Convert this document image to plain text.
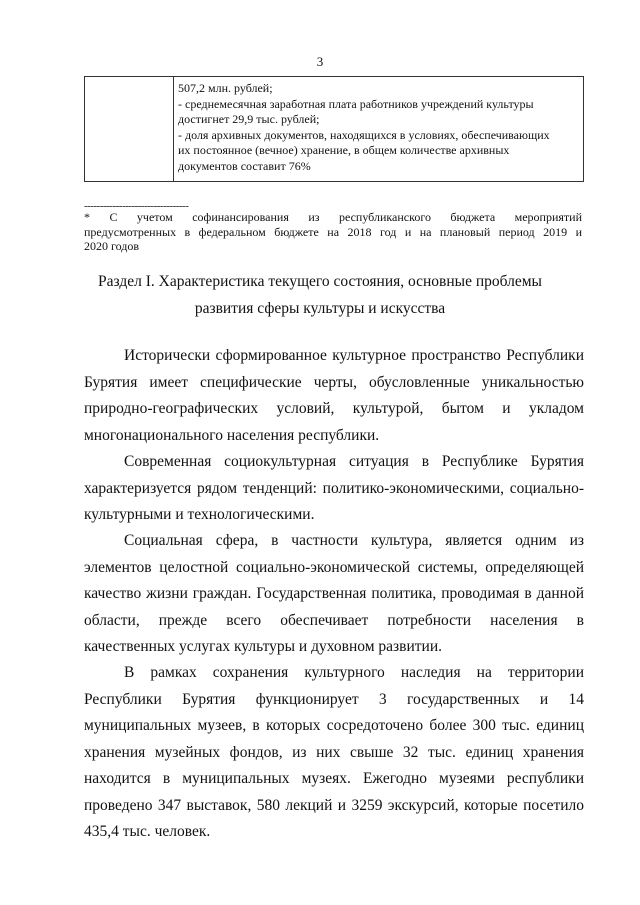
3
507,2 млн. рублей;
- среднемесячная заработная плата работников учреждений культуры
достигнет 29,9 тыс. рублей;
- доля архивных документов, находящихся в условиях, обеспечивающих
их постоянное (вечное) хранение, в общем количестве архивных
документов составит 76%
---------------------------------
* С учетом софинансирования из республиканского бюджета мероприятий
предусмотренных в федеральном бюджете на 2018 год и на плановый период 2019 и
2020 годов
Раздел I. Характеристика текущего состояния, основные проблемы
развития сферы культуры и искусства
Исторически сформированное культурное пространство Республики
Бурятия имеет специфические черты, обусловленные уникальностью
природно-географических условий, культурой, бытом и укладом
многонационального населения республики.
Современная социокультурная ситуация в Республике Бурятия
характеризуется рядом тенденций: политико-экономическими, социально-
культурными и технологическими.
Социальная сфера, в частности культура, является одним из
элементов целостной социально-экономической системы, определяющей
качество жизни граждан. Государственная политика, проводимая в данной
области, прежде всего обеспечивает потребности населения в
качественных услугах культуры и духовном развитии.
В рамках сохранения культурного наследия на территории
Республики Бурятия функционирует 3 государственных и 14
муниципальных музеев, в которых сосредоточено более 300 тыс. единиц
хранения музейных фондов, из них свыше 32 тыс. единиц хранения
находится в муниципальных музеях. Ежегодно музеями республики
проведено 347 выставок, 580 лекций и 3259 экскурсий, которые посетило
435,4 тыс. человек.
